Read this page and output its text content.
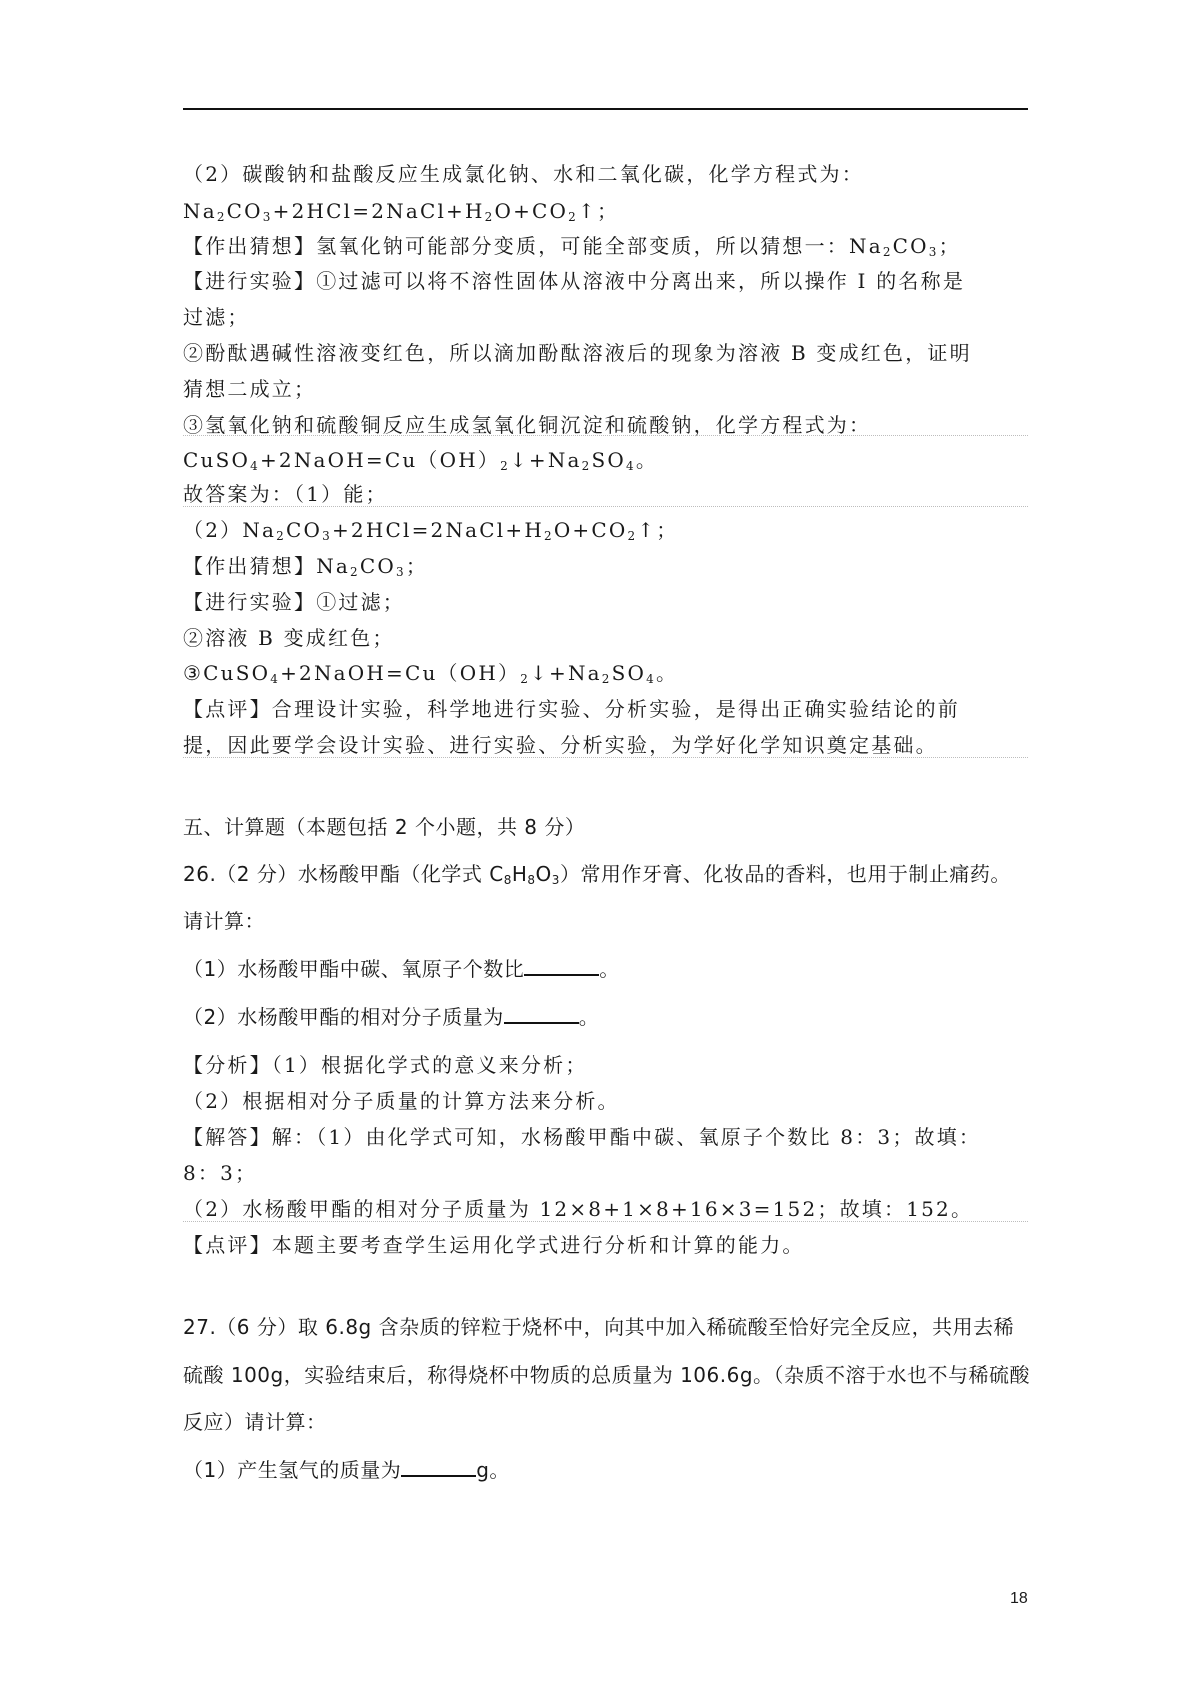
（2）碳酸钠和盐酸反应生成氯化钠、水和二氧化碳，化学方程式为：
$Na_2CO_3+2HCl=2NaCl+H_2O+CO_2↑$；
【作出猜想】氢氧化钠可能部分变质，可能全部变质，所以猜想一：$Na_2CO_3$；
【进行实验】①过滤可以将不溶性固体从溶液中分离出来，所以操作 I 的名称是
过滤；
②酚酞遇碱性溶液变红色，所以滴加酚酞溶液后的现象为溶液 B 变成红色，证明
猜想二成立；
③氢氧化钠和硫酸铜反应生成氢氧化铜沉淀和硫酸钠，化学方程式为：
$CuSO_4+2NaOH=Cu(OH)_2↓+Na_2SO_4$。
故答案为：（1）能；
$(2)Na_2CO_3+2HCl=2NaCl+H_2O+CO_2↑$；
【作出猜想】$Na_2CO_3$；
【进行实验】①过滤；
②溶液 B 变成红色；
$③CuSO_4+2NaOH=Cu(OH)_2↓+Na_2SO_4$。
【点评】合理设计实验，科学地进行实验、分析实验，是得出正确实验结论的前
提，因此要学会设计实验、进行实验、分析实验，为学好化学知识奠定基础。
五、计算题（本题包括 2 个小题，共 8 分）
26.（2 分）水杨酸甲酯（化学式 $C_8H_8O_3$）常用作牙膏、化妆品的香料，也用于制止痛药。
请计算：
（1）水杨酸甲酯中碳、氧原子个数比	。
（2）水杨酸甲酯的相对分子质量为	。
【分析】（1）根据化学式的意义来分析；
（2）根据相对分子质量的计算方法来分析。
【解答】解：（1）由化学式可知，水杨酸甲酯中碳、氧原子个数比 8：3；故填：
8：3；
（2）水杨酸甲酯的相对分子质量为 12×8+1×8+16×3=152；故填：152。
【点评】本题主要考查学生运用化学式进行分析和计算的能力。
27.（6 分）取 6.8g 含杂质的锌粒于烧杯中，向其中加入稀硫酸至恰好完全反应，共用去稀
硫酸 100g，实验结束后，称得烧杯中物质的总质量为 106.6g。（杂质不溶于水也不与稀硫酸
反应）请计算：
（1）产生氢气的质量为	g。
18
